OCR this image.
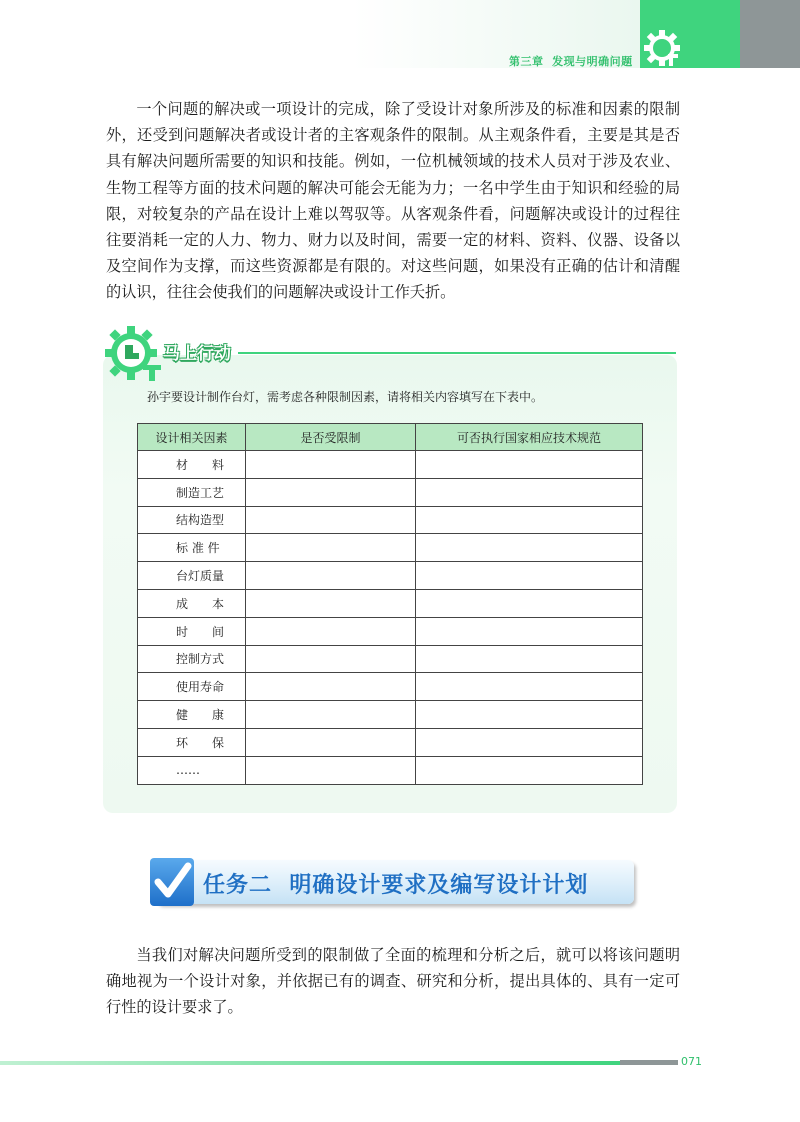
第三章 发现与明确问题

一个问题的解决或一项设计的完成，除了受设计对象所涉及的标准和因素的限制外，还受到问题解决者或设计者的主客观条件的限制。从主观条件看，主要是其是否具有解决问题所需要的知识和技能。例如，一位机械领域的技术人员对于涉及农业、生物工程等方面的技术问题的解决可能会无能为力；一名中学生由于知识和经验的局限，对较复杂的产品在设计上难以驾驭等。从客观条件看，问题解决或设计的过程往往要消耗一定的人力、物力、财力以及时间，需要一定的材料、资料、仪器、设备以及空间作为支撑，而这些资源都是有限的。对这些问题，如果没有正确的估计和清醒的认识，往往会使我们的问题解决或设计工作夭折。

马上行动
孙宇要设计制作台灯，需考虑各种限制因素，请将相关内容填写在下表中。
设计相关因素	是否受限制	可否执行国家相应技术规范
材　　料		
制造工艺		
结构造型		
标 准 件		
台灯质量		
成　　本		
时　　间		
控制方式		
使用寿命		
健　　康		
环　　保		
……		
任务二 明确设计要求及编写设计计划

当我们对解决问题所受到的限制做了全面的梳理和分析之后，就可以将该问题明确地视为一个设计对象，并依据已有的调查、研究和分析，提出具体的、具有一定可行性的设计要求了。

071
